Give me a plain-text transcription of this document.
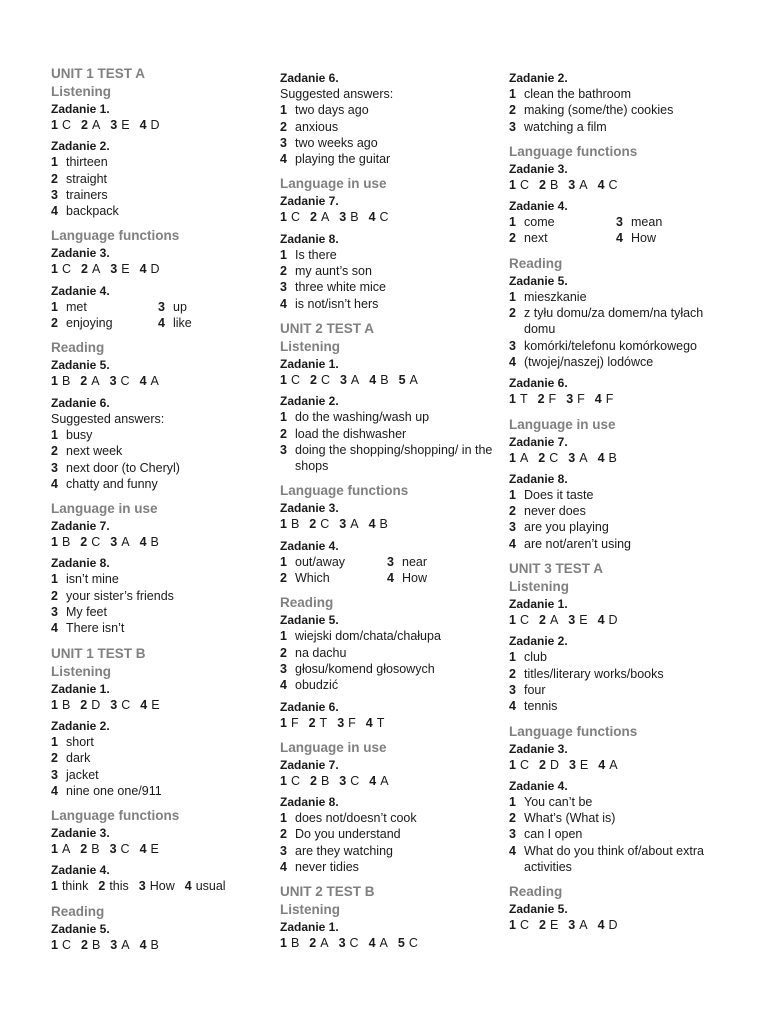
UNIT 1 TEST A
Listening
Zadanie 1.
1 C 2 A 3 E 4 D
Zadanie 2.
1 thirteen
2 straight
3 trainers
4 backpack
Language functions
Zadanie 3.
1 C 2 A 3 E 4 D
Zadanie 4.
1 met	3 up
2 enjoying	4 like
Reading
Zadanie 5.
1 B 2 A 3 C 4 A
Zadanie 6.
Suggested answers:
1 busy
2 next week
3 next door (to Cheryl)
4 chatty and funny
Language in use
Zadanie 7.
1 B 2 C 3 A 4 B
Zadanie 8.
1 isn’t mine
2 your sister’s friends
3 My feet
4 There isn’t
UNIT 1 TEST B
Listening
Zadanie 1.
1 B 2 D 3 C 4 E
Zadanie 2.
1 short
2 dark
3 jacket
4 nine one one/911
Language functions
Zadanie 3.
1 A 2 B 3 C 4 E
Zadanie 4.
1 think 2 this 3 How 4 usual
Reading
Zadanie 5.
1 C 2 B 3 A 4 B
Zadanie 6.
Suggested answers:
1 two days ago
2 anxious
3 two weeks ago
4 playing the guitar
Language in use
Zadanie 7.
1 C 2 A 3 B 4 C
Zadanie 8.
1 Is there
2 my aunt’s son
3 three white mice
4 is not/isn’t hers
UNIT 2 TEST A
Listening
Zadanie 1.
1 C 2 C 3 A 4 B 5 A
Zadanie 2.
1 do the washing/wash up
2 load the dishwasher
3 doing the shopping/shopping/ in the shops
Language functions
Zadanie 3.
1 B 2 C 3 A 4 B
Zadanie 4.
1 out/away	3 near
2 Which	4 How
Reading
Zadanie 5.
1 wiejski dom/chata/chałupa
2 na dachu
3 głosu/komend głosowych
4 obudzić
Zadanie 6.
1 F 2 T 3 F 4 T
Language in use
Zadanie 7.
1 C 2 B 3 C 4 A
Zadanie 8.
1 does not/doesn’t cook
2 Do you understand
3 are they watching
4 never tidies
UNIT 2 TEST B
Listening
Zadanie 1.
1 B 2 A 3 C 4 A 5 C
Zadanie 2.
1 clean the bathroom
2 making (some/the) cookies
3 watching a film
Language functions
Zadanie 3.
1 C 2 B 3 A 4 C
Zadanie 4.
1 come	3 mean
2 next	4 How
Reading
Zadanie 5.
1 mieszkanie
2 z tyłu domu/za domem/na tyłach domu
3 komórki/telefonu komórkowego
4 (twojej/naszej) lodówce
Zadanie 6.
1 T 2 F 3 F 4 F
Language in use
Zadanie 7.
1 A 2 C 3 A 4 B
Zadanie 8.
1 Does it taste
2 never does
3 are you playing
4 are not/aren’t using
UNIT 3 TEST A
Listening
Zadanie 1.
1 C 2 A 3 E 4 D
Zadanie 2.
1 club
2 titles/literary works/books
3 four
4 tennis
Language functions
Zadanie 3.
1 C 2 D 3 E 4 A
Zadanie 4.
1 You can’t be
2 What’s (What is)
3 can I open
4 What do you think of/about extra activities
Reading
Zadanie 5.
1 C 2 E 3 A 4 D
